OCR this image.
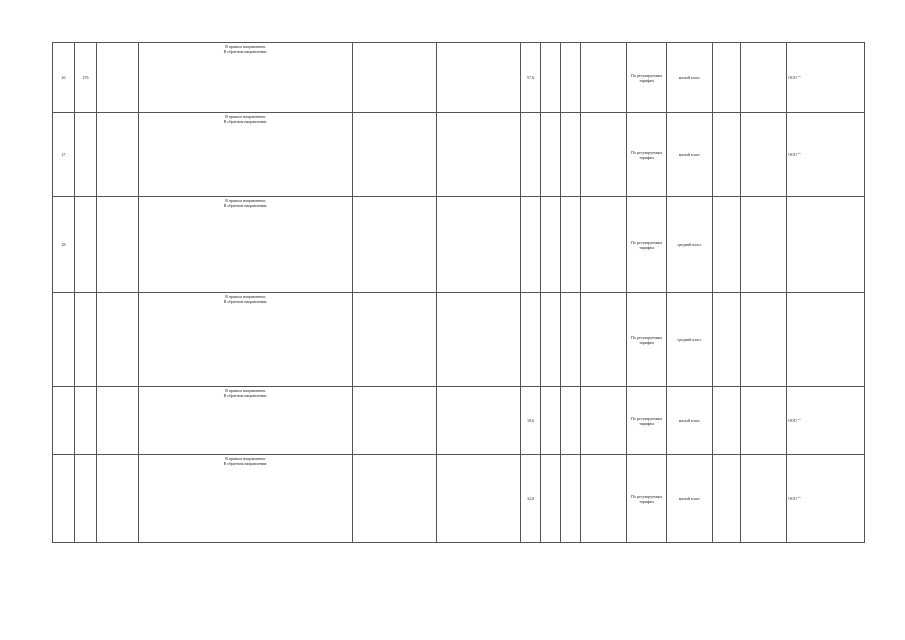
26	276		В прямом направлении:
В обратном направлении:			57,6				По регулируемым тарифам	малый класс			ООО ""
27			В прямом направлении:
В обратном направлении:							По регулируемым тарифам	малый класс			ООО ""
28			В прямом направлении:
В обратном направлении:							По регулируемым тарифам	средний класс			

			В прямом направлении:
В обратном направлении:							По регулируемым тарифам	средний класс			

			В прямом направлении:
В обратном направлении:			18,6				По регулируемым тарифам	малый класс			ООО ""

			В прямом направлении:
В обратном направлении:			32,8				По регулируемым тарифам	малый класс			ООО ""
